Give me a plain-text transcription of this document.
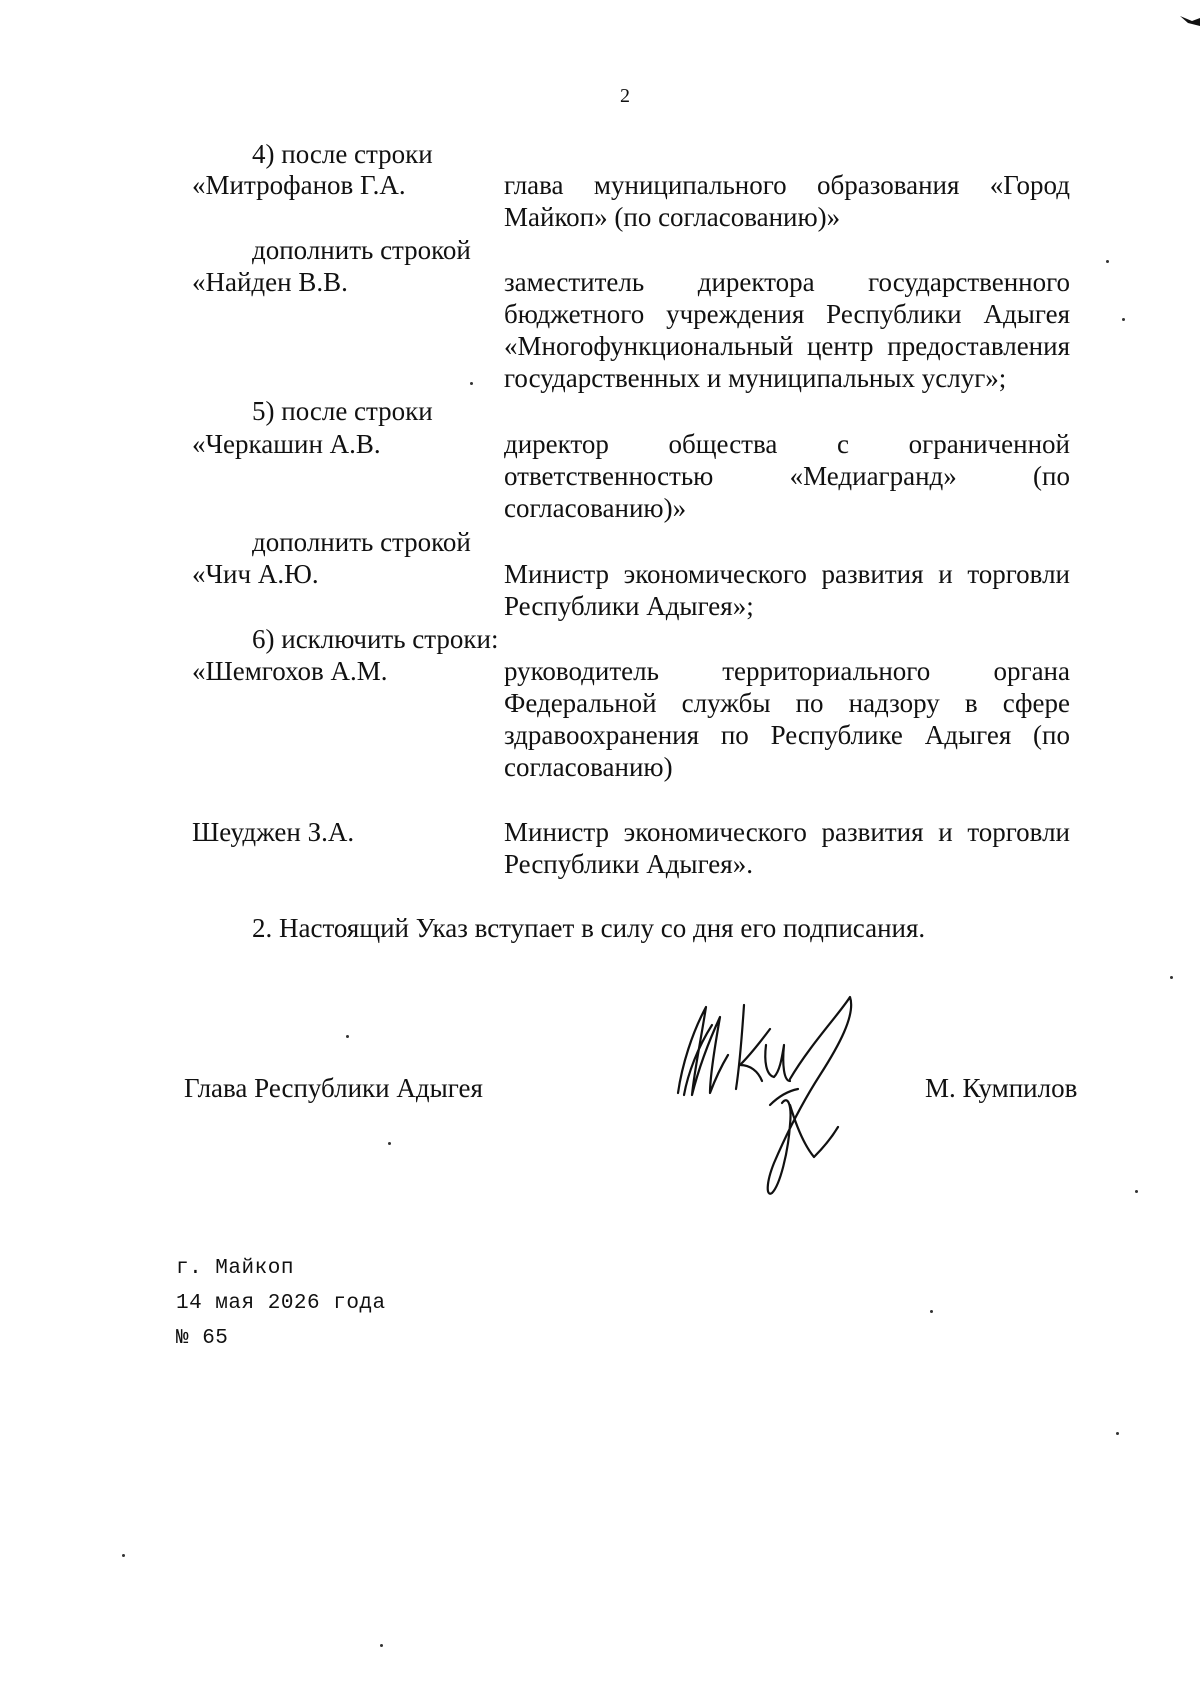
2
4) после строки
«Митрофанов Г.А.	глава муниципального образования «Город
Майкоп» (по согласованию)»
дополнить строкой
«Найден В.В.	заместитель директора государственного
бюджетного учреждения Республики Адыгея
«Многофункциональный центр предоставления
государственных и муниципальных услуг»;
5) после строки
«Черкашин А.В.	директор общества с ограниченной
ответственностью «Медиагранд» (по
согласованию)»
дополнить строкой
«Чич А.Ю.	Министр экономического развития и торговли
Республики Адыгея»;
6) исключить строки:
«Шемгохов А.М.	руководитель территориального органа
Федеральной службы по надзору в сфере
здравоохранения по Республике Адыгея (по
согласованию)
Шеуджен З.А.	Министр экономического развития и торговли
Республики Адыгея».
2. Настоящий Указ вступает в силу со дня его подписания.
Глава Республики Адыгея	М. Кумпилов
г. Майкоп
14 мая 2026 года
№ 65
